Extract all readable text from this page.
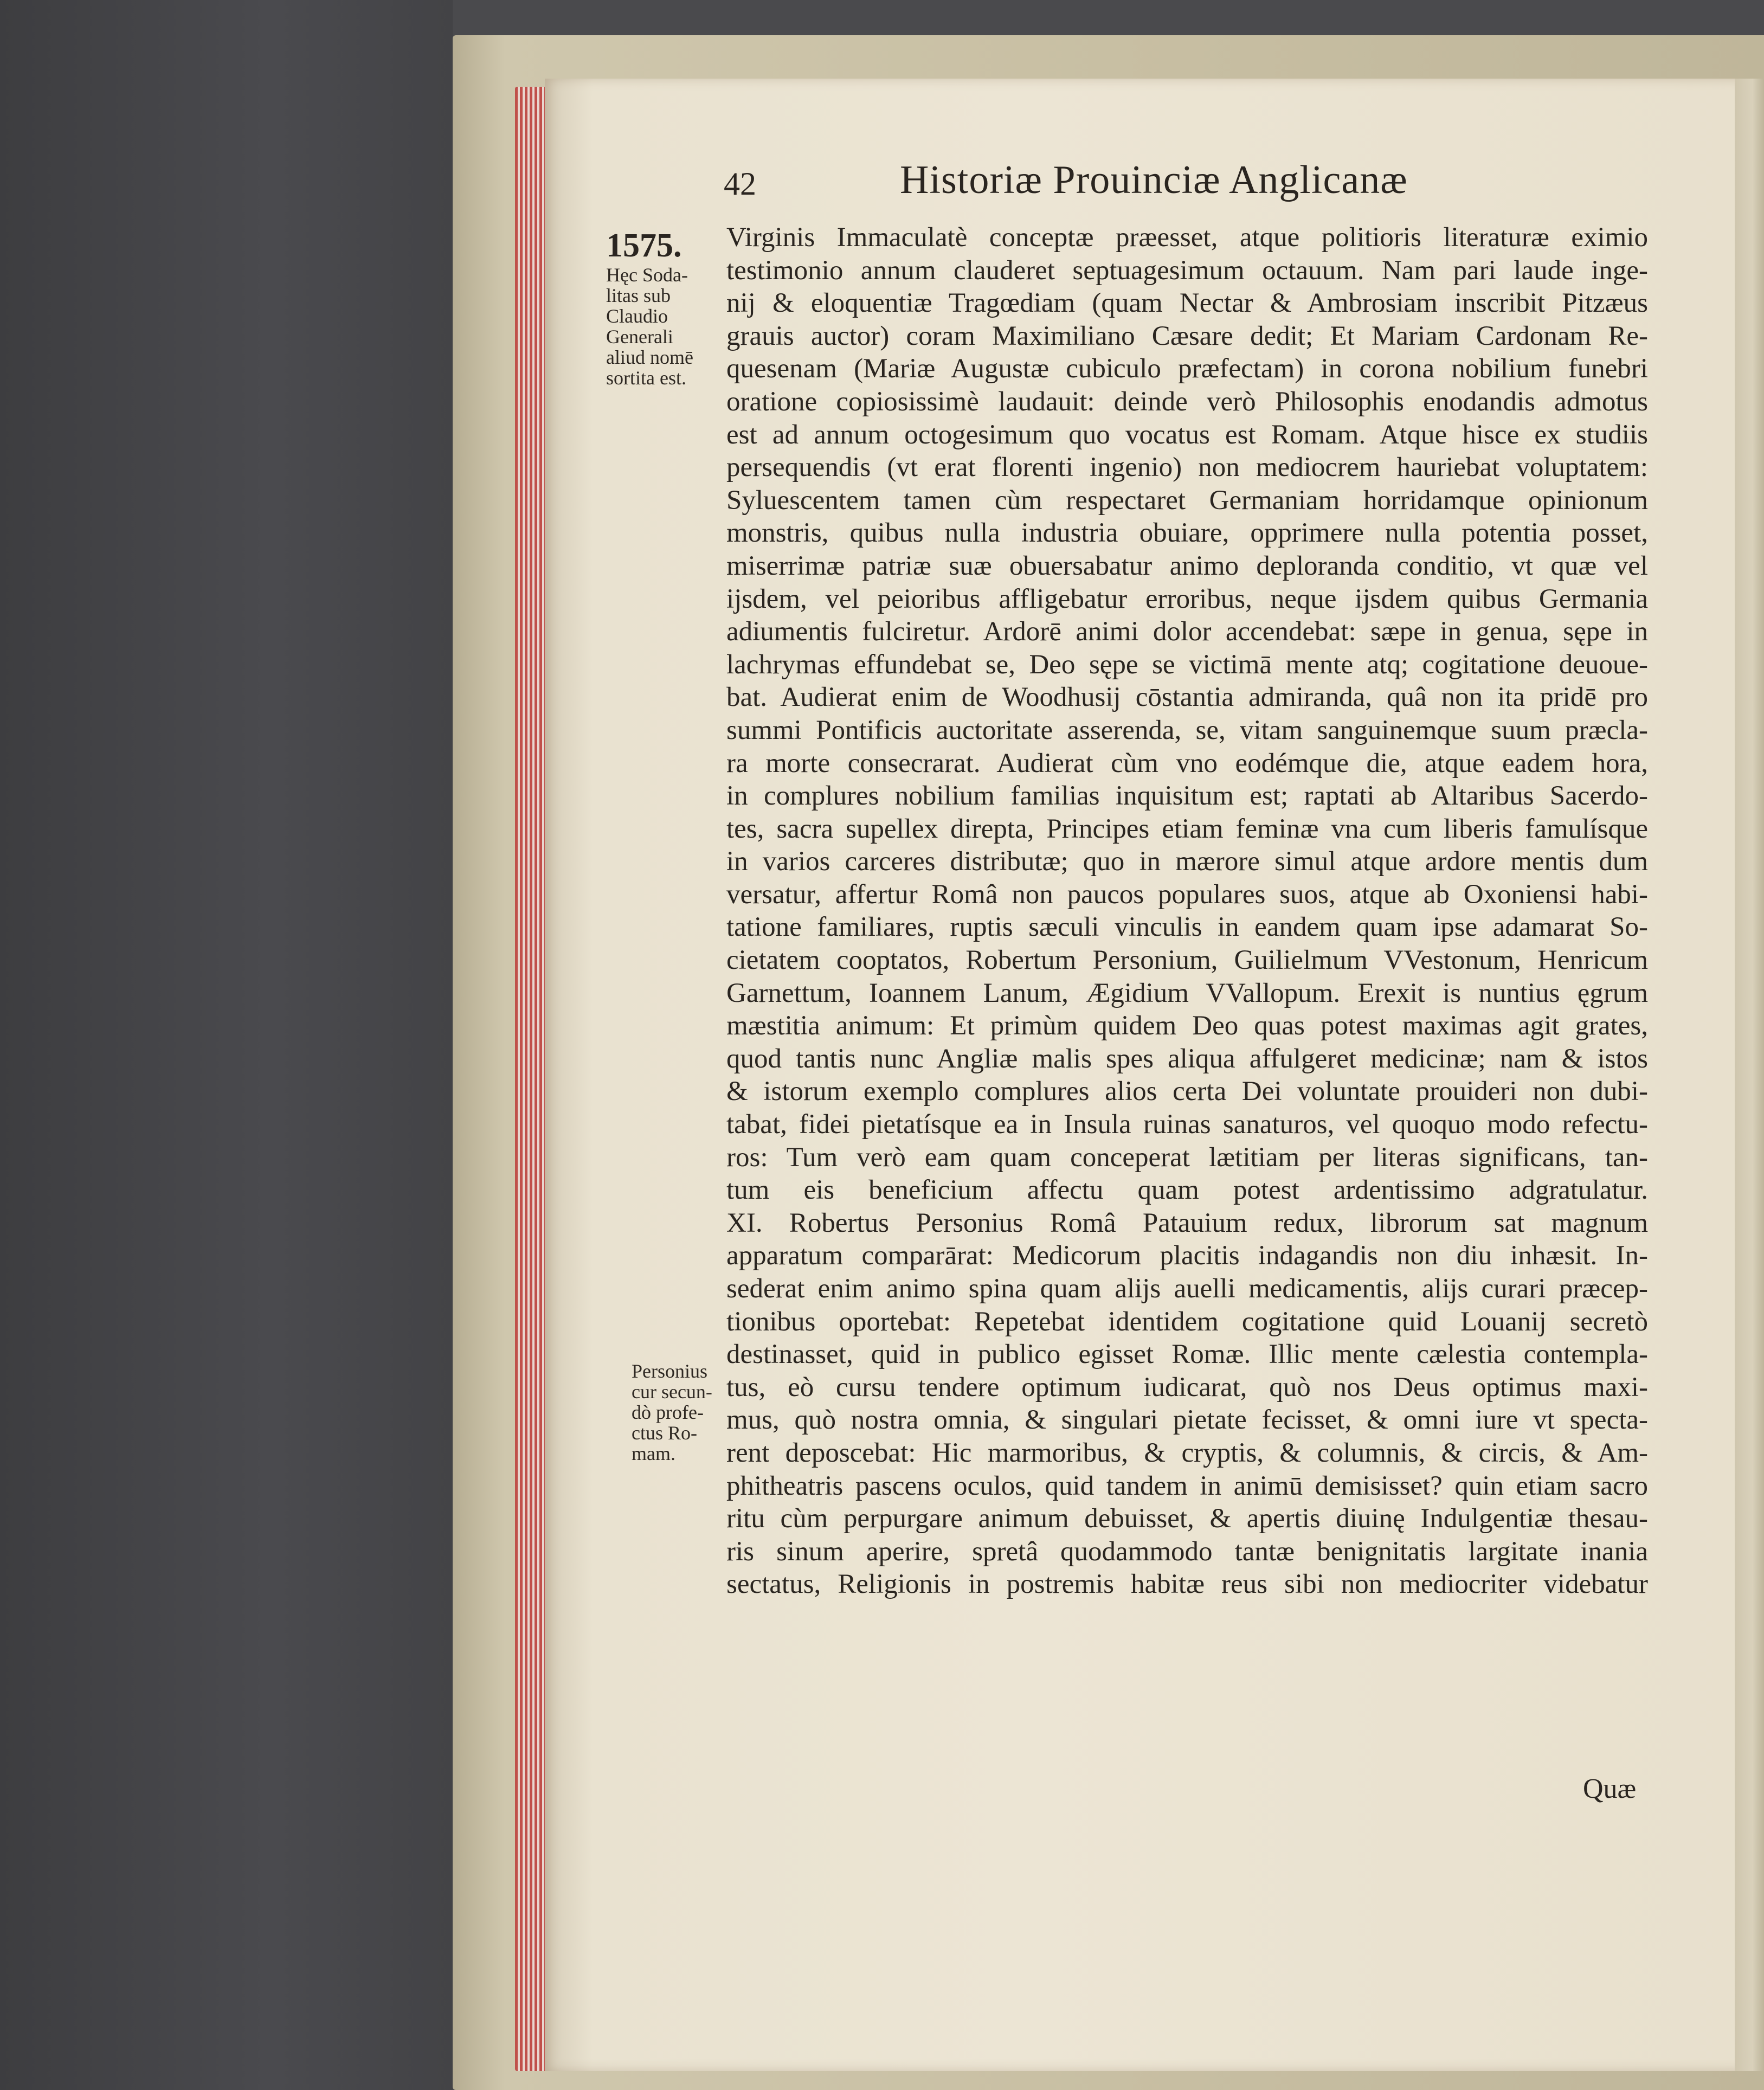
42	Historiæ Prouinciæ Anglicanæ
1575.
Hęc Soda-
litas sub
Claudio
Generali
aliud nomē
sortita est.
Personius
cur secun-
dò profe-
ctus Ro-
mam.
Virginis Immaculatè conceptæ præesset, atque politioris literaturæ eximio
testimonio annum clauderet septuagesimum octauum. Nam pari laude inge-
nij & eloquentiæ Tragœdiam (quam Nectar & Ambrosiam inscribit Pitzæus
grauis auctor) coram Maximiliano Cæsare dedit; Et Mariam Cardonam Re-
quesenam (Mariæ Augustæ cubiculo præfectam) in corona nobilium funebri
oratione copiosissimè laudauit: deinde verò Philosophis enodandis admotus
est ad annum octogesimum quo vocatus est Romam. Atque hisce ex studiis
persequendis (vt erat florenti ingenio) non mediocrem hauriebat voluptatem:
Syluescentem tamen cùm respectaret Germaniam horridamque opinionum
monstris, quibus nulla industria obuiare, opprimere nulla potentia posset,
miserrimæ patriæ suæ obuersabatur animo deploranda conditio, vt quæ vel
ijsdem, vel peioribus affligebatur erroribus, neque ijsdem quibus Germania
adiumentis fulciretur. Ardorē animi dolor accendebat: sæpe in genua, sępe in
lachrymas effundebat se, Deo sępe se victimā mente atq; cogitatione deuoue-
bat. Audierat enim de Woodhusij cōstantia admiranda, quâ non ita pridē pro
summi Pontificis auctoritate asserenda, se, vitam sanguinemque suum præcla-
ra morte consecrarat. Audierat cùm vno eodémque die, atque eadem hora,
in complures nobilium familias inquisitum est; raptati ab Altaribus Sacerdo-
tes, sacra supellex direpta, Principes etiam feminæ vna cum liberis famulísque
in varios carceres distributæ; quo in mærore simul atque ardore mentis dum
versatur, affertur Româ non paucos populares suos, atque ab Oxoniensi habi-
tatione familiares, ruptis sæculi vinculis in eandem quam ipse adamarat So-
cietatem cooptatos, Robertum Personium, Guilielmum VVestonum, Henricum
Garnettum, Ioannem Lanum, Ægidium VVallopum. Erexit is nuntius ęgrum
mæstitia animum: Et primùm quidem Deo quas potest maximas agit grates,
quod tantis nunc Angliæ malis spes aliqua affulgeret medicinæ; nam & istos
& istorum exemplo complures alios certa Dei voluntate prouideri non dubi-
tabat, fidei pietatísque ea in Insula ruinas sanaturos, vel quoquo modo refectu-
ros: Tum verò eam quam conceperat lætitiam per literas significans, tan-
tum eis beneficium affectu quam potest ardentissimo adgratulatur.
XI. Robertus Personius Româ Patauium redux, librorum sat magnum
apparatum comparārat: Medicorum placitis indagandis non diu inhæsit. In-
sederat enim animo spina quam alijs auelli medicamentis, alijs curari præcep-
tionibus oportebat: Repetebat identidem cogitatione quid Louanij secretò
destinasset, quid in publico egisset Romæ. Illic mente cælestia contempla-
tus, eò cursu tendere optimum iudicarat, quò nos Deus optimus maxi-
mus, quò nostra omnia, & singulari pietate fecisset, & omni iure vt specta-
rent deposcebat: Hic marmoribus, & cryptis, & columnis, & circis, & Am-
phitheatris pascens oculos, quid tandem in animū demisisset? quin etiam sacro
ritu cùm perpurgare animum debuisset, & apertis diuinę Indulgentiæ thesau-
ris sinum aperire, spretâ quodammodo tantæ benignitatis largitate inania
sectatus, Religionis in postremis habitæ reus sibi non mediocriter videbatur
Quæ
